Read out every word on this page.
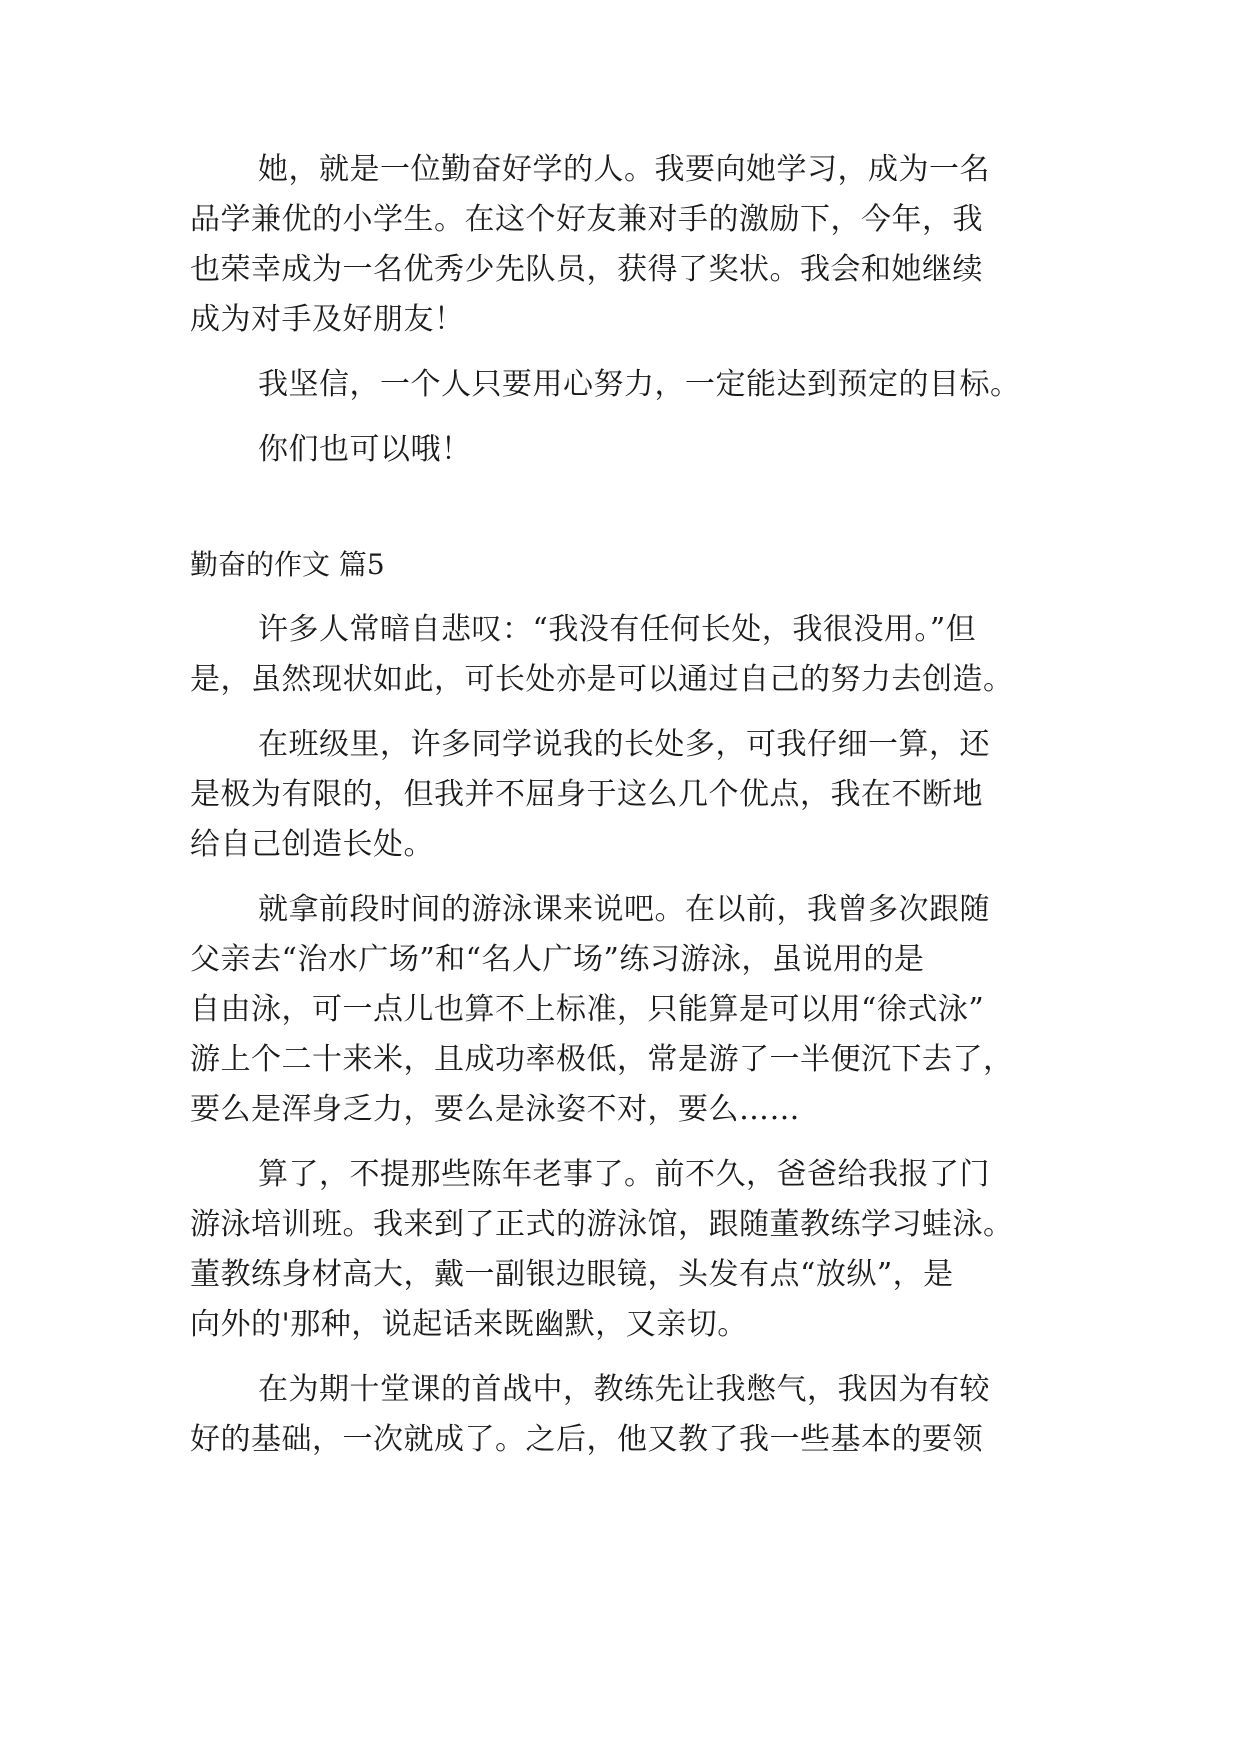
她，就是一位勤奋好学的人。我要向她学习，成为一名
品学兼优的小学生。在这个好友兼对手的激励下，今年，我
也荣幸成为一名优秀少先队员，获得了奖状。我会和她继续
成为对手及好朋友！
我坚信，一个人只要用心努力，一定能达到预定的目标。
你们也可以哦！
勤奋的作文 篇5
许多人常暗自悲叹：“我没有任何长处，我很没用。”但
是，虽然现状如此，可长处亦是可以通过自己的努力去创造。
在班级里，许多同学说我的长处多，可我仔细一算，还
是极为有限的，但我并不屈身于这么几个优点，我在不断地
给自己创造长处。
就拿前段时间的游泳课来说吧。在以前，我曾多次跟随
父亲去“治水广场”和“名人广场”练习游泳，虽说用的是
自由泳，可一点儿也算不上标准，只能算是可以用“徐式泳”
游上个二十来米，且成功率极低，常是游了一半便沉下去了，
要么是浑身乏力，要么是泳姿不对，要么……
算了，不提那些陈年老事了。前不久，爸爸给我报了门
游泳培训班。我来到了正式的游泳馆，跟随董教练学习蛙泳。
董教练身材高大，戴一副银边眼镜，头发有点“放纵”，是
向外的'那种，说起话来既幽默，又亲切。
在为期十堂课的首战中，教练先让我憋气，我因为有较
好的基础，一次就成了。之后，他又教了我一些基本的要领
